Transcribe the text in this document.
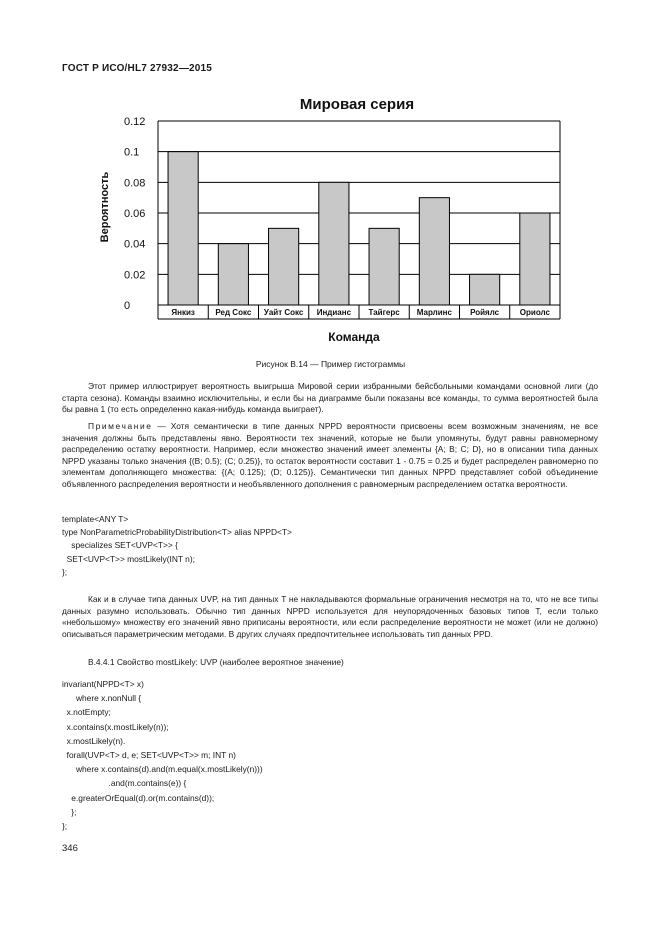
ГОСТ Р ИСО/HL7 27932—2015
Мировая серия
Вероятность
Команда
0
0.02
0.04
0.06
0.08
0.1
0.12
Янкиз	Ред Сокс Уайт Сокс Индианс Тайгерс Марлинс Ройялс	Ориолс
Рисунок В.14 — Пример гистограммы
Этот пример иллюстрирует вероятность выигрыша Мировой серии избранными бейсбольными командами основной лиги (до старта сезона). Команды взаимно исключительны, и если бы на диаграмме были показаны все команды, то сумма вероятностей была бы равна 1 (то есть определенно какая-нибудь команда выиграет).
Примечание — Хотя семантически в типе данных NPPD вероятности присвоены всем возможным значениям, не все значения должны быть представлены явно. Вероятности тех значений, которые не были упомянуты, будут равны равномерному распределению остатку вероятности. Например, если множество значений имеет элементы {A; B; C; D}, но в описании типа данных NPPD указаны только значения {(B; 0.5); (C; 0.25)}, то остаток вероятности составит 1 - 0.75 = 0.25 и будет распределен равномерно по элементам дополняющего множества: {(A; 0.125); (D; 0.125)}. Семантически тип данных NPPD представляет собой объединение объявленного распределения вероятности и необъявленного дополнения с равномерным распределением остатка вероятности.
template<ANY T>
type NonParametricProbabilityDistribution<T> alias NPPD<T>
specializes SET<UVP<T>> {
SET<UVP<T>> mostLikely(INT n);
};
Как и в случае типа данных UVP, на тип данных T не накладываются формальные ограничения несмотря на то, что не все типы данных разумно использовать. Обычно тип данных NPPD используется для неупорядоченных базовых типов T, если только «небольшому» множеству его значений явно приписаны вероятности, или если распределение вероятности не может (или не должно) описываться параметрическим методами. В других случаях предпочтительнее использовать тип данных PPD.
В.4.4.1 Свойство mostLikely: UVP (наиболее вероятное значение)
invariant(NPPD<T> x)
where x.nonNull {
x.notEmpty;
x.contains(x.mostLikely(n));
x.mostLikely(n).
forall(UVP<T> d, e; SET<UVP<T>> m; INT n)
where x.contains(d).and(m.equal(x.mostLikely(n)))
.and(m.contains(e)) {
e.greaterOrEqual(d).or(m.contains(d));
};
};
346
